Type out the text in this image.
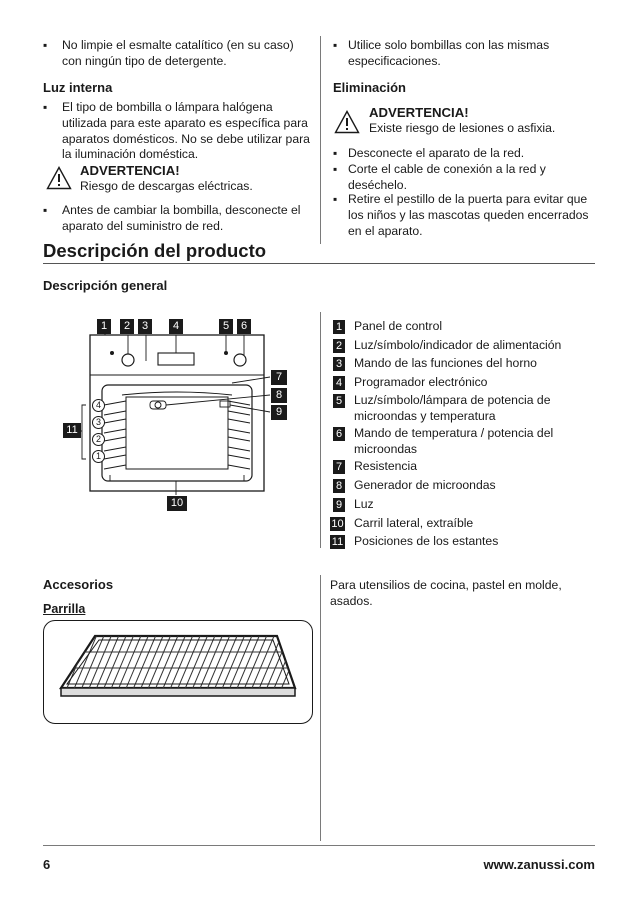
▪ No limpie el esmalte catalítico (en su caso) con ningún tipo de detergente.
Luz interna
▪ El tipo de bombilla o lámpara halógena utilizada para este aparato es específica para aparatos domésticos. No se debe utilizar para la iluminación doméstica.
ADVERTENCIA!
Riesgo de descargas eléctricas.
▪ Antes de cambiar la bombilla, desconecte el aparato del suministro de red.
▪ Utilice solo bombillas con las mismas especificaciones.
Eliminación
ADVERTENCIA!
Existe riesgo de lesiones o asfixia.
▪ Desconecte el aparato de la red.
▪ Corte el cable de conexión a la red y deséchelo.
▪ Retire el pestillo de la puerta para evitar que los niños y las mascotas queden encerrados en el aparato.
Descripción del producto
Descripción general
1	2	3	4	5	6
7
8
9
10
11
4
3
2
1
1 Panel de control
2 Luz/símbolo/indicador de alimentación
3 Mando de las funciones del horno
4 Programador electrónico
5 Luz/símbolo/lámpara de potencia de microondas y temperatura
6 Mando de temperatura / potencia del microondas
7 Resistencia
8 Generador de microondas
9 Luz
10 Carril lateral, extraíble
11 Posiciones de los estantes
Accesorios
Parrilla
Para utensilios de cocina, pastel en molde, asados.
6	www.zanussi.com
